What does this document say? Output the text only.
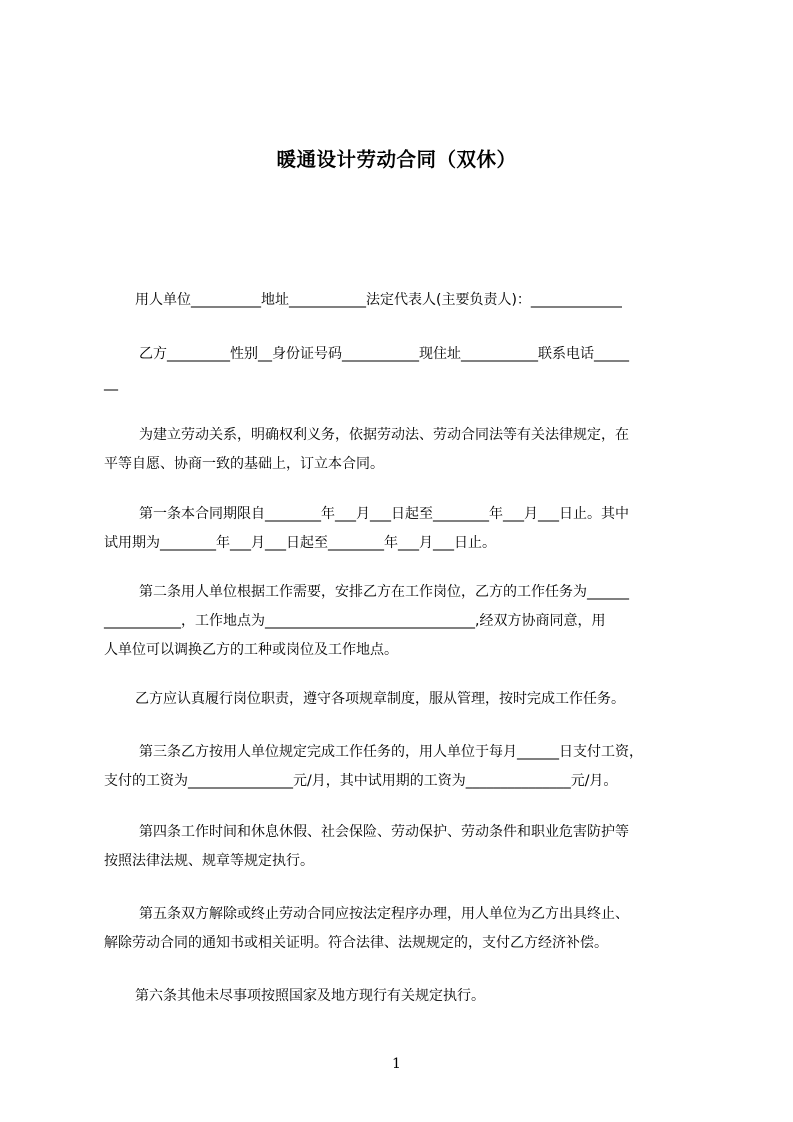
暖通设计劳动合同（双休）
用人单位__________地址___________法定代表人(主要负责人)：_____________
乙方_________性别__身份证号码___________现住址___________联系电话_____
__
为建立劳动关系，明确权利义务，依据劳动法、劳动合同法等有关法律规定，在
平等自愿、协商一致的基础上，订立本合同。
第一条本合同期限自________年___月___日起至________年___月___日止。其中
试用期为________年___月___日起至________年___月___日止。
第二条用人单位根据工作需要，安排乙方在工作岗位，乙方的工作任务为______
___________，工作地点为______________________________,经双方协商同意，用
人单位可以调换乙方的工种或岗位及工作地点。
乙方应认真履行岗位职责，遵守各项规章制度，服从管理，按时完成工作任务。
第三条乙方按用人单位规定完成工作任务的，用人单位于每月______日支付工资，
支付的工资为_______________元/月，其中试用期的工资为_______________元/月。
第四条工作时间和休息休假、社会保险、劳动保护、劳动条件和职业危害防护等
按照法律法规、规章等规定执行。
第五条双方解除或终止劳动合同应按法定程序办理，用人单位为乙方出具终止、
解除劳动合同的通知书或相关证明。符合法律、法规规定的，支付乙方经济补偿。
第六条其他未尽事项按照国家及地方现行有关规定执行。
1
